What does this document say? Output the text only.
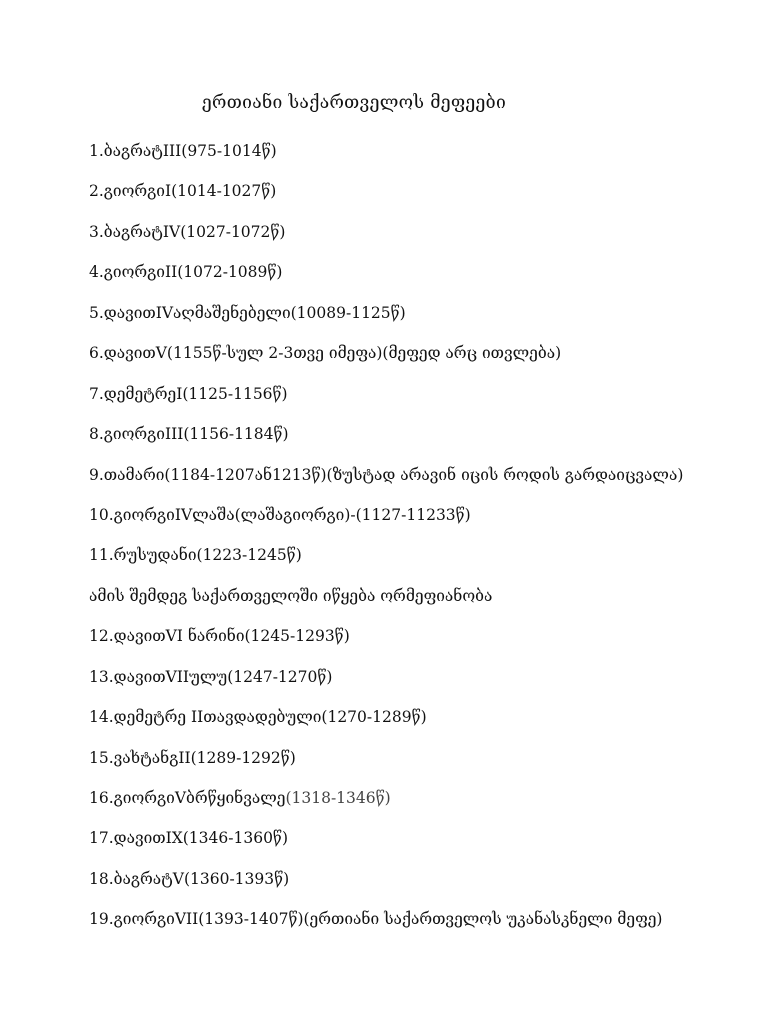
ერთიანი საქართველოს მეფეები
1.ბაგრატIII(975-1014წ)
2.გიორგიI(1014-1027წ)
3.ბაგრატIV(1027-1072წ)
4.გიორგიII(1072-1089წ)
5.დავითIVაღმაშენებელი(10089-1125წ)
6.დავითV(1155წ-სულ 2-3თვე იმეფა)(მეფედ არც ითვლება)
7.დემეტრეI(1125-1156წ)
8.გიორგიIII(1156-1184წ)
9.თამარი(1184-1207ან1213წ)(ზუსტად არავინ იცის როდის გარდაიცვალა)
10.გიორგიIVლაშა(ლაშაგიორგი)-(1127-11233წ)
11.რუსუდანი(1223-1245წ)
ამის შემდეგ საქართველოში იწყება ორმეფიანობა
12.დავითVI ნარინი(1245-1293წ)
13.დავითVIIულუ(1247-1270წ)
14.დემეტრე IIთავდადებული(1270-1289წ)
15.ვახტანგII(1289-1292წ)
16.გიორგიVბრწყინვალე(1318-1346წ)
17.დავითIX(1346-1360წ)
18.ბაგრატV(1360-1393წ)
19.გიორგიVII(1393-1407წ)(ერთიანი საქართველოს უკანასკნელი მეფე)
